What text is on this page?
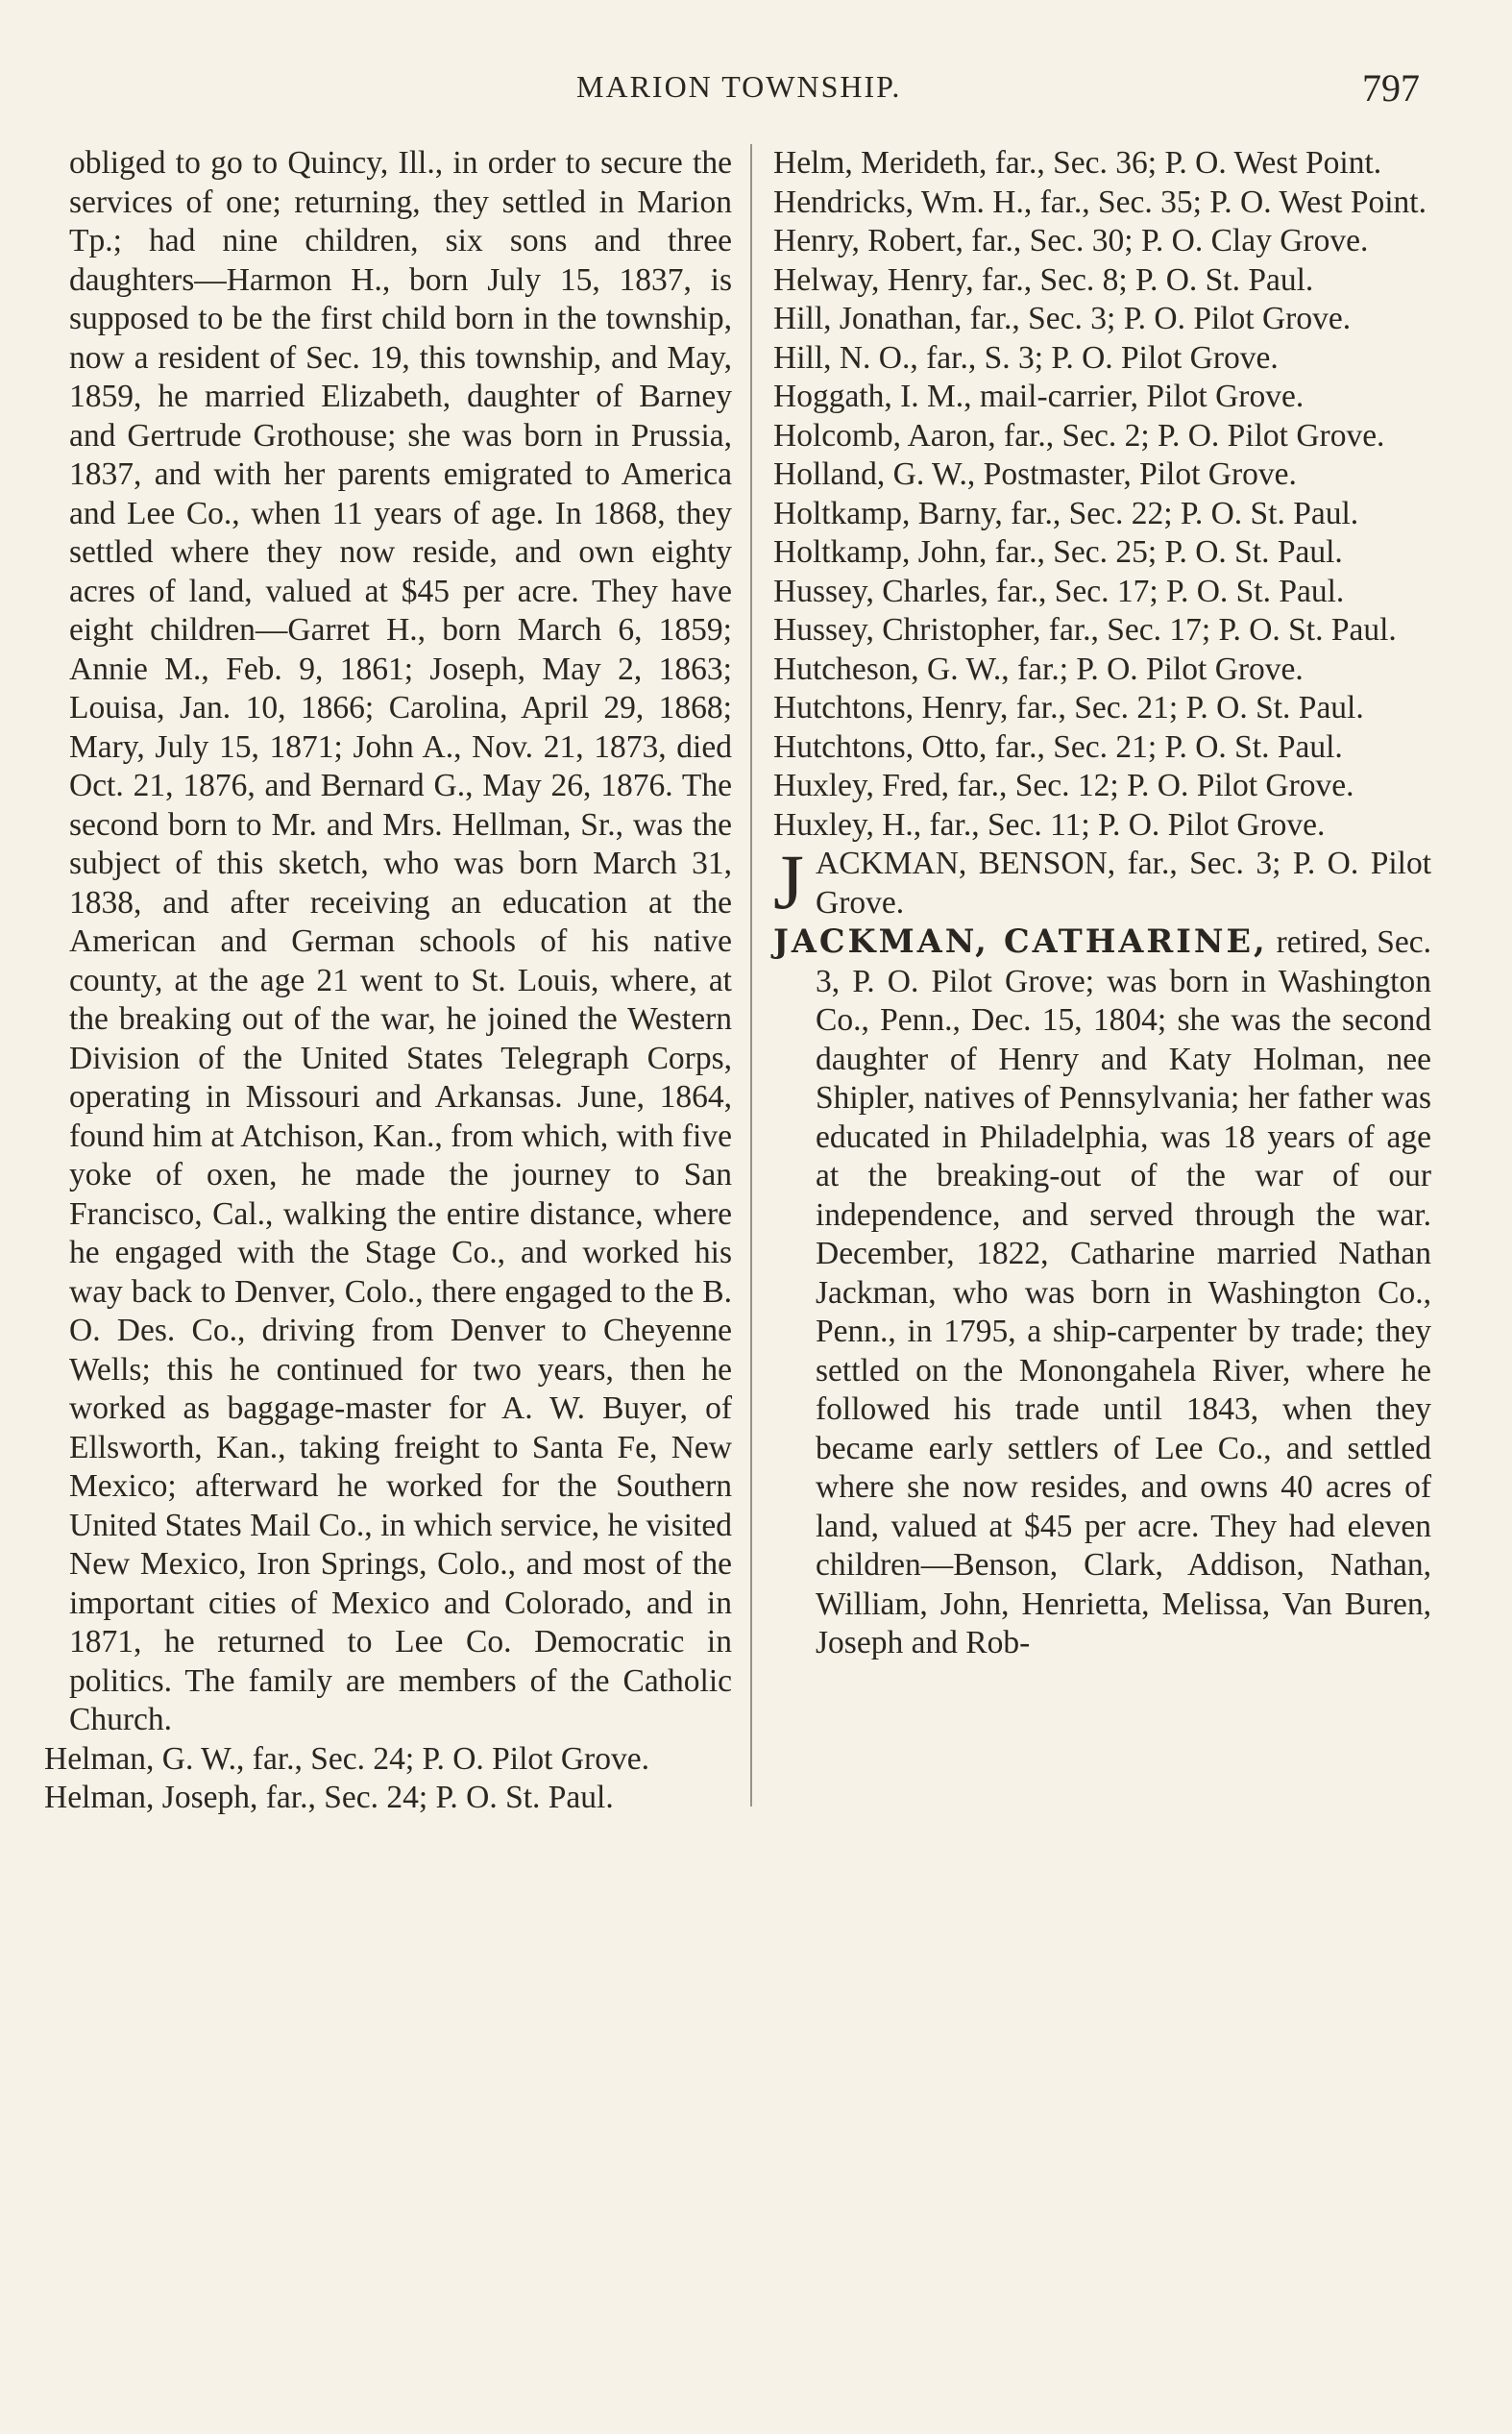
MARION TOWNSHIP.	797

obliged to go to Quincy, Ill., in order to secure the services of one; returning, they settled in Marion Tp.; had nine children, six sons and three daughters—Harmon H., born July 15, 1837, is supposed to be the first child born in the township, now a resident of Sec. 19, this township, and May, 1859, he married Elizabeth, daughter of Barney and Gertrude Grothouse; she was born in Prussia, 1837, and with her parents emigrated to America and Lee Co., when 11 years of age. In 1868, they settled where they now reside, and own eighty acres of land, valued at $45 per acre. They have eight children—Garret H., born March 6, 1859; Annie M., Feb. 9, 1861; Joseph, May 2, 1863; Louisa, Jan. 10, 1866; Carolina, April 29, 1868; Mary, July 15, 1871; John A., Nov. 21, 1873, died Oct. 21, 1876, and Bernard G., May 26, 1876. The second born to Mr. and Mrs. Hellman, Sr., was the subject of this sketch, who was born March 31, 1838, and after receiving an education at the American and German schools of his native county, at the age 21 went to St. Louis, where, at the breaking out of the war, he joined the Western Division of the United States Telegraph Corps, operating in Missouri and Arkansas. June, 1864, found him at Atchison, Kan., from which, with five yoke of oxen, he made the journey to San Francisco, Cal., walking the entire distance, where he engaged with the Stage Co., and worked his way back to Denver, Colo., there engaged to the B. O. Des. Co., driving from Denver to Cheyenne Wells; this he continued for two years, then he worked as baggage-master for A. W. Buyer, of Ellsworth, Kan., taking freight to Santa Fe, New Mexico; afterward he worked for the Southern United States Mail Co., in which service, he visited New Mexico, Iron Springs, Colo., and most of the important cities of Mexico and Colorado, and in 1871, he returned to Lee Co. Democratic in politics. The family are members of the Catholic Church.

Helman, G. W., far., Sec. 24; P. O. Pilot Grove.

Helman, Joseph, far., Sec. 24; P. O. St. Paul.

Helm, Merideth, far., Sec. 36; P. O. West Point.

Hendricks, Wm. H., far., Sec. 35; P. O. West Point.

Henry, Robert, far., Sec. 30; P. O. Clay Grove.

Helway, Henry, far., Sec. 8; P. O. St. Paul.

Hill, Jonathan, far., Sec. 3; P. O. Pilot Grove.

Hill, N. O., far., S. 3; P. O. Pilot Grove.

Hoggath, I. M., mail-carrier, Pilot Grove.

Holcomb, Aaron, far., Sec. 2; P. O. Pilot Grove.

Holland, G. W., Postmaster, Pilot Grove.

Holtkamp, Barny, far., Sec. 22; P. O. St. Paul.

Holtkamp, John, far., Sec. 25; P. O. St. Paul.

Hussey, Charles, far., Sec. 17; P. O. St. Paul.

Hussey, Christopher, far., Sec. 17; P. O. St. Paul.

Hutcheson, G. W., far.; P. O. Pilot Grove.

Hutchtons, Henry, far., Sec. 21; P. O. St. Paul.

Hutchtons, Otto, far., Sec. 21; P. O. St. Paul.

Huxley, Fred, far., Sec. 12; P. O. Pilot Grove.

Huxley, H., far., Sec. 11; P. O. Pilot Grove.

JACKMAN, BENSON, far., Sec. 3; P. O. Pilot Grove.

JACKMAN, CATHARINE, retired, Sec. 3, P. O. Pilot Grove; was born in Washington Co., Penn., Dec. 15, 1804; she was the second daughter of Henry and Katy Holman, nee Shipler, natives of Pennsylvania; her father was educated in Philadelphia, was 18 years of age at the breaking-out of the war of our independence, and served through the war. December, 1822, Catharine married Nathan Jackman, who was born in Washington Co., Penn., in 1795, a ship-carpenter by trade; they settled on the Monongahela River, where he followed his trade until 1843, when they became early settlers of Lee Co., and settled where she now resides, and owns 40 acres of land, valued at $45 per acre. They had eleven children—Benson, Clark, Addison, Nathan, William, John, Henrietta, Melissa, Van Buren, Joseph and Rob-
